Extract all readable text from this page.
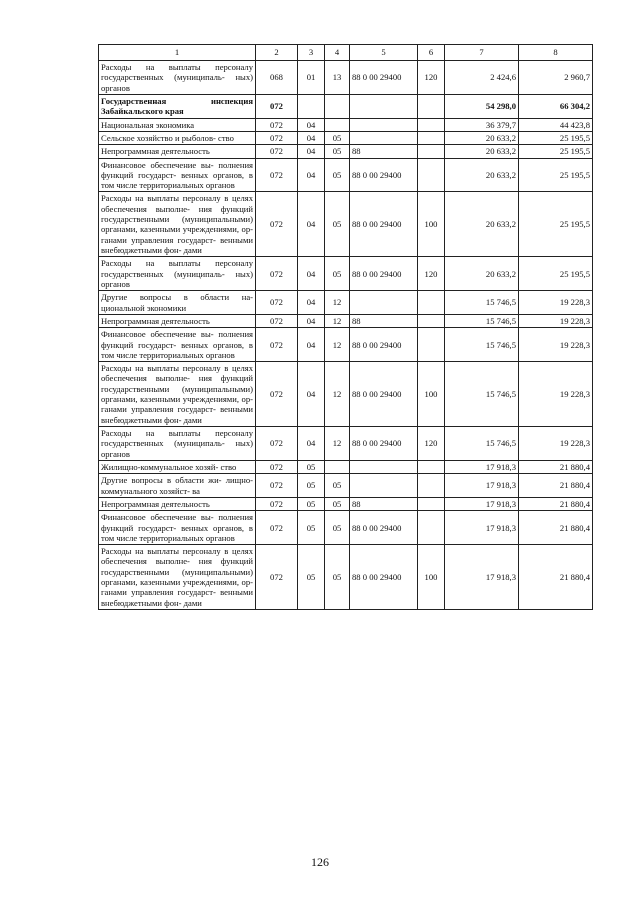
1	2	3	4	5	6	7	8
Расходы на выплаты персоналу государственных (муниципаль- ных) органов	068	01	13	88 0 00 29400	120	2 424,6	2 960,7
Государственная инспекция Забайкальского края	072					54 298,0	66 304,2
Национальная экономика	072	04				36 379,7	44 423,8
Сельское хозяйство и рыболов- ство	072	04	05			20 633,2	25 195,5
Непрограммная деятельность	072	04	05	88		20 633,2	25 195,5
Финансовое обеспечение вы- полнения функций государст- венных органов, в том числе территориальных органов	072	04	05	88 0 00 29400		20 633,2	25 195,5
Расходы на выплаты персоналу в целях обеспечения выполне- ния функций государственными (муниципальными) органами, казенными учреждениями, ор- ганами управления государст- венными внебюджетными фон- дами	072	04	05	88 0 00 29400	100	20 633,2	25 195,5
Расходы на выплаты персоналу государственных (муниципаль- ных) органов	072	04	05	88 0 00 29400	120	20 633,2	25 195,5
Другие вопросы в области на- циональной экономики	072	04	12			15 746,5	19 228,3
Непрограммная деятельность	072	04	12	88		15 746,5	19 228,3
Финансовое обеспечение вы- полнения функций государст- венных органов, в том числе территориальных органов	072	04	12	88 0 00 29400		15 746,5	19 228,3
Расходы на выплаты персоналу в целях обеспечения выполне- ния функций государственными (муниципальными) органами, казенными учреждениями, ор- ганами управления государст- венными внебюджетными фон- дами	072	04	12	88 0 00 29400	100	15 746,5	19 228,3
Расходы на выплаты персоналу государственных (муниципаль- ных) органов	072	04	12	88 0 00 29400	120	15 746,5	19 228,3
Жилищно-коммунальное хозяй- ство	072	05				17 918,3	21 880,4
Другие вопросы в области жи- лищно-коммунального хозяйст- ва	072	05	05			17 918,3	21 880,4
Непрограммная деятельность	072	05	05	88		17 918,3	21 880,4
Финансовое обеспечение вы- полнения функций государст- венных органов, в том числе территориальных органов	072	05	05	88 0 00 29400		17 918,3	21 880,4
Расходы на выплаты персоналу в целях обеспечения выполне- ния функций государственными (муниципальными) органами, казенными учреждениями, ор- ганами управления государст- венными внебюджетными фон- дами	072	05	05	88 0 00 29400	100	17 918,3	21 880,4
126
